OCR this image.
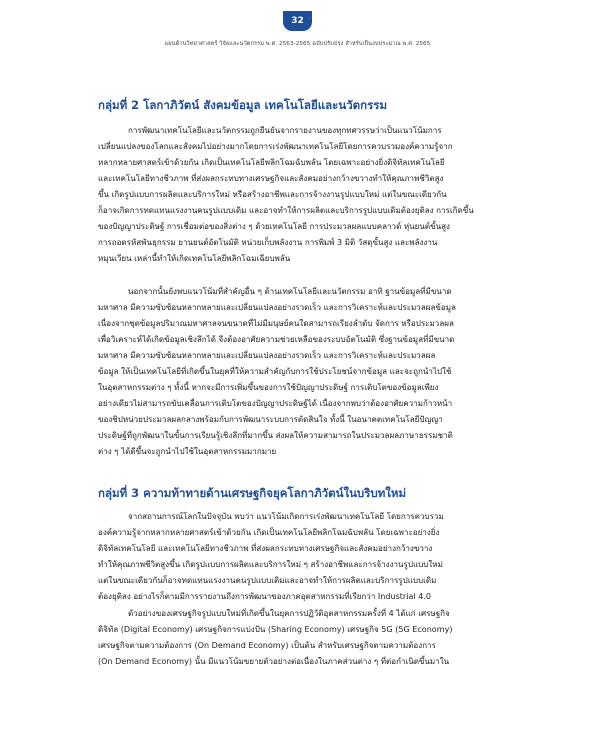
32
แผนด้านวิทยาศาสตร์ วิจัยและนวัตกรรม พ.ศ. 2563-2565 ฉบับปรับปรุง สำหรับเป็นงบประมาณ พ.ศ. 2565
กลุ่มที่ 2 โลกาภิวัตน์ สังคมข้อมูล เทคโนโลยีและนวัตกรรม
การพัฒนาเทคโนโลยีและนวัตกรรมถูกยืนยันจากรายงานของทุกทศวรรษว่าเป็นแนวโน้มการ
เปลี่ยนแปลงของโลกและสังคมไปอย่างมากโดยการเร่งพัฒนาเทคโนโลยีโดยการควบรวมองค์ความรู้จาก
หลากหลายศาสตร์เข้าด้วยกัน เกิดเป็นเทคโนโลยีพลิกโฉมฉับพลัน โดยเฉพาะอย่างยิ่งดิจิทัลเทคโนโลยี
และเทคโนโลยีทางชีวภาพ ที่ส่งผลกระทบทางเศรษฐกิจและสังคมอย่างกว้างขวางทำให้คุณภาพชีวิตสูง
ขึ้น เกิดรูปแบบการผลิตและบริการใหม่ หรือสร้างอาชีพและการจ้างงานรูปแบบใหม่ แต่ในขณะเดียวกัน
ก็อาจเกิดการทดแทนแรงงานคนรูปแบบเดิม และอาจทำให้การผลิตและบริการรูปแบบเดิมต้องยุติลง การเกิดขึ้น
ของปัญญาประดิษฐ์ การเชื่อมต่อของสิ่งต่าง ๆ ด้วยเทคโนโลยี การประมวลผลแบบคลาวด์ หุ่นยนต์ขั้นสูง
การถอดรหัสพันธุกรรม ยานยนต์อัตโนมัติ หน่วยเก็บพลังงาน การพิมพ์ 3 มิติ วัสดุขั้นสูง และพลังงาน
หมุนเวียน เหล่านี้ทำให้เกิดเทคโนโลยีพลิกโฉมเฉียบพลัน
นอกจากนั้นยังพบแนวโน้มที่สำคัญอื่น ๆ ด้านเทคโนโลยีและนวัตกรรม อาทิ ฐานข้อมูลที่มีขนาด
มหาศาล มีความซับซ้อนหลากหลายและเปลี่ยนแปลงอย่างรวดเร็ว และการวิเคราะห์และประมวลผลข้อมูล
เนื่องจากชุดข้อมูลปริมาณมหาศาลจนขนาดที่ไม่มีมนุษย์คนใดสามารถเรียงลำดับ จัดการ หรือประมวลผล
เพื่อวิเคราะห์ได้เกิดข้อมูลเชิงลึกได้ จึงต้องอาศัยความช่วยเหลือของระบบอัตโนมัติ ซึ่งฐานข้อมูลที่มีขนาด
มหาศาล มีความซับซ้อนหลากหลายและเปลี่ยนแปลงอย่างรวดเร็ว และการวิเคราะห์และประมวลผล
ข้อมูล ให้เป็นเทคโนโลยีที่เกิดขึ้นในยุคที่ให้ความสำคัญกับการใช้ประโยชน์จากข้อมูล และจะถูกนำไปใช้
ในอุตสาหกรรมต่าง ๆ ทั้งนี้ หากจะมีการเพิ่มขึ้นของการใช้ปัญญาประดิษฐ์ การเติบโตของข้อมูลเพียง
อย่างเดียวไม่สามารถขับเคลื่อนการเติบโตของปัญญาประดิษฐ์ได้ เนื่องจากพบว่าต้องอาศัยความก้าวหน้า
ของชิปหน่วยประมวลผลกลางพร้อมกับการพัฒนาระบบการตัดสินใจ ทั้งนี้ ในอนาคตเทคโนโลยีปัญญา
ประดิษฐ์ที่ถูกพัฒนาในขั้นการเรียนรู้เชิงลึกที่มากขึ้น ส่งผลให้ความสามารถในประมวลผลภาษาธรรมชาติ
ต่าง ๆ ได้ดีขึ้นจะถูกนำไปใช้ในอุตสาหกรรมมากมาย
กลุ่มที่ 3 ความท้าทายด้านเศรษฐกิจยุคโลกาภิวัตน์ในบริบทใหม่
จากสถานการณ์โลกในปัจจุบัน พบว่า แนวโน้มเกิดการเร่งพัฒนาเทคโนโลยี โดยการควบรวม
องค์ความรู้จากหลากหลายศาสตร์เข้าด้วยกัน เกิดเป็นเทคโนโลยีพลิกโฉมฉับพลัน โดยเฉพาะอย่างยิ่ง
ดิจิทัลเทคโนโลยี และเทคโนโลยีทางชีวภาพ ที่ส่งผลกระทบทางเศรษฐกิจและสังคมอย่างกว้างขวาง
ทำให้คุณภาพชีวิตสูงขึ้น เกิดรูปแบบการผลิตและบริการใหม่ ๆ สร้างอาชีพและการจ้างงานรูปแบบใหม่
แต่ในขณะเดียวกันก็อาจทดแทนแรงงานคนรูปแบบเดิมและอาจทำให้การผลิตและบริการรูปแบบเดิม
ต้องยุติลง อย่างไรก็ตามมีการรายงานถึงการพัฒนาของภาคอุตสาหกรรมที่เรียกว่า Industrial 4.0
ตัวอย่างของเศรษฐกิจรูปแบบใหม่ที่เกิดขึ้นในยุคการปฏิวัติอุตสาหกรรมครั้งที่ 4 ได้แก่ เศรษฐกิจ
ดิจิทัล (Digital Economy) เศรษฐกิจการแบ่งปัน (Sharing Economy) เศรษฐกิจ 5G (5G Economy)
เศรษฐกิจตามความต้องการ (On Demand Economy) เป็นต้น สำหรับเศรษฐกิจตามความต้องการ
(On Demand Economy) นั้น มีแนวโน้มขยายตัวอย่างต่อเนื่องในภาคส่วนต่าง ๆ ที่ต่อกำเนิดขึ้นมาใน
